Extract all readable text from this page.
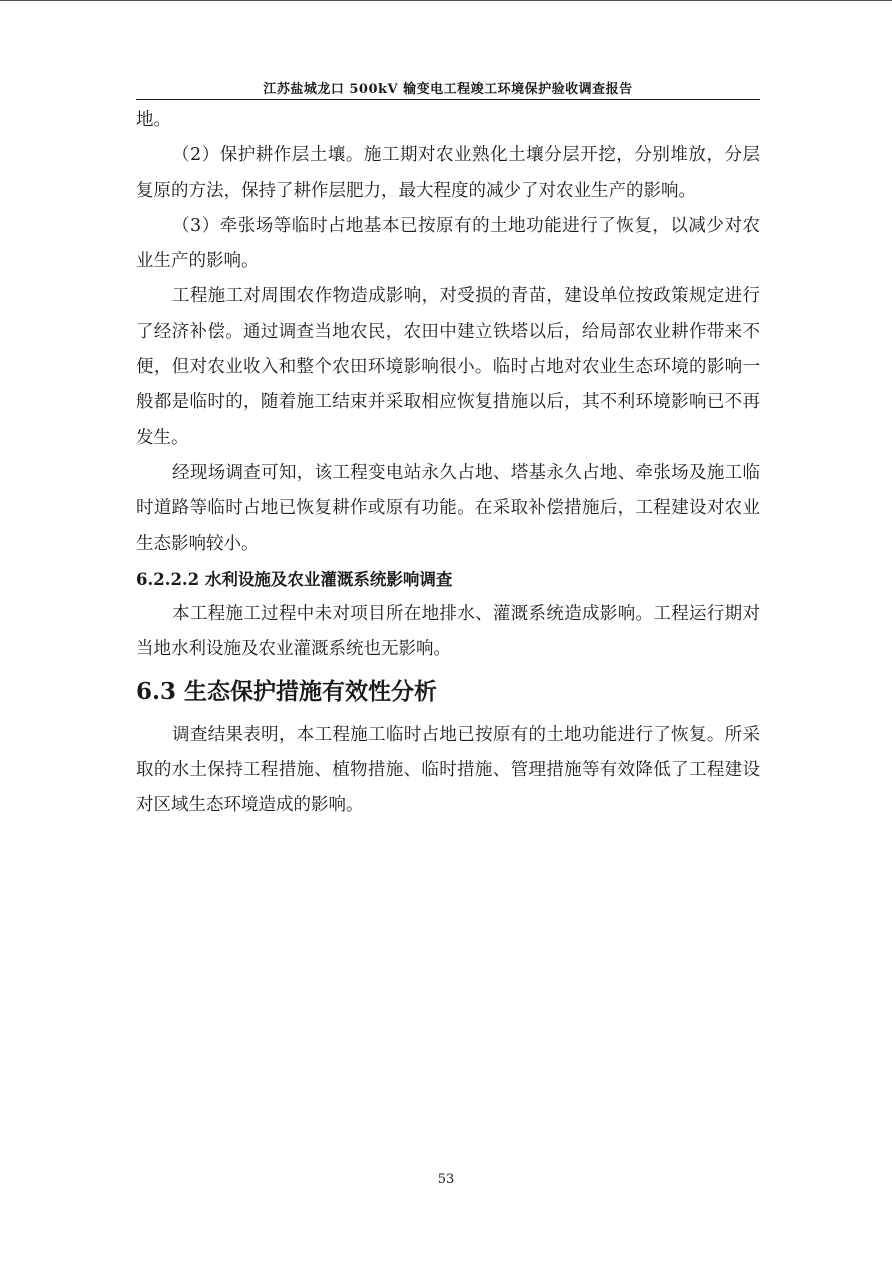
江苏盐城龙口 500kV 输变电工程竣工环境保护验收调查报告

地。

（2）保护耕作层土壤。施工期对农业熟化土壤分层开挖，分别堆放，分层复原的方法，保持了耕作层肥力，最大程度的减少了对农业生产的影响。

（3）牵张场等临时占地基本已按原有的土地功能进行了恢复，以减少对农业生产的影响。

工程施工对周围农作物造成影响，对受损的青苗，建设单位按政策规定进行了经济补偿。通过调查当地农民，农田中建立铁塔以后，给局部农业耕作带来不便，但对农业收入和整个农田环境影响很小。临时占地对农业生态环境的影响一般都是临时的，随着施工结束并采取相应恢复措施以后，其不利环境影响已不再发生。

经现场调查可知，该工程变电站永久占地、塔基永久占地、牵张场及施工临时道路等临时占地已恢复耕作或原有功能。在采取补偿措施后，工程建设对农业生态影响较小。

6.2.2.2 水利设施及农业灌溉系统影响调查

本工程施工过程中未对项目所在地排水、灌溉系统造成影响。工程运行期对当地水利设施及农业灌溉系统也无影响。

6.3 生态保护措施有效性分析

调查结果表明，本工程施工临时占地已按原有的土地功能进行了恢复。所采取的水土保持工程措施、植物措施、临时措施、管理措施等有效降低了工程建设对区域生态环境造成的影响。

53
